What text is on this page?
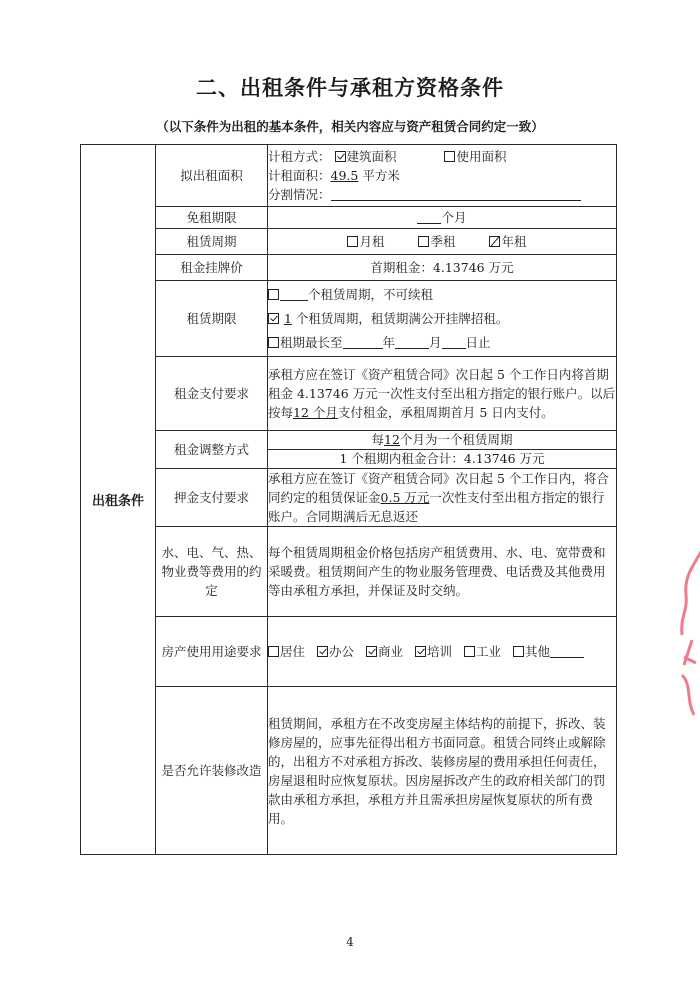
二、出租条件与承租方资格条件
（以下条件为出租的基本条件，相关内容应与资产租赁合同约定一致）
出租条件	拟出租面积	计租方式： 建筑面积 使用面积
计租面积：49.5 平方米
分割情况：

	免租期限	个月
	租赁周期	月租 季租 年租
	租金挂牌价	首期租金：4.13746 万元
	租赁期限	个租赁周期，不可续租
1 个租赁周期，租赁期满公开挂牌招租。
租期最长至 年 月 日止

	租金支付要求	承租方应在签订《资产租赁合同》次日起 5 个工作日内将首期租金 4.13746 万元一次性支付至出租方指定的银行账户。以后按每12 个月支付租金，承租周期首月 5 日内支付。
	租金调整方式	每12个月为一个租赁周期
1 个租期内租金合计：4.13746 万元

	押金支付要求	承租方应在签订《资产租赁合同》次日起 5 个工作日内，将合同约定的租赁保证金0.5 万元一次性支付至出租方指定的银行账户。合同期满后无息返还
	水、电、气、热、物业费等费用的约定	每个租赁周期租金价格包括房产租赁费用、水、电、宽带费和采暖费。租赁期间产生的物业服务管理费、电话费及其他费用等由承租方承担，并保证及时交纳。
	房产使用用途要求	居住 办公 商业 培训 工业 其他
	是否允许装修改造	租赁期间，承租方在不改变房屋主体结构的前提下，拆改、装修房屋的，应事先征得出租方书面同意。租赁合同终止或解除的，出租方不对承租方拆改、装修房屋的费用承担任何责任，房屋退租时应恢复原状。因房屋拆改产生的政府相关部门的罚款由承租方承担，承租方并且需承担房屋恢复原状的所有费用。
4
